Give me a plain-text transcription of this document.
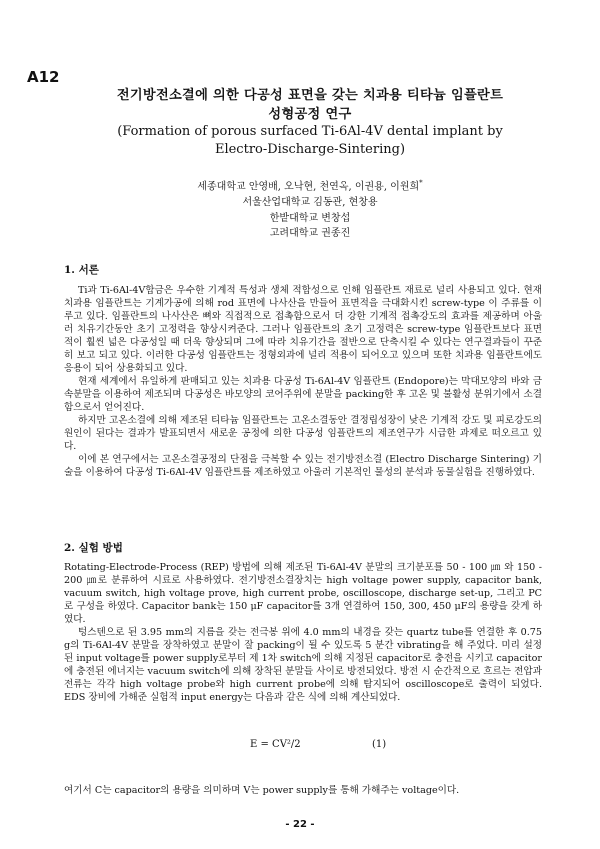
A12
전기방전소결에 의한 다공성 표면을 갖는 치과용 티타늄 임플란트
성형공정 연구
(Formation of porous surfaced Ti-6Al-4V dental implant by
Electro-Discharge-Sintering)
세종대학교 안영배, 오낙현, 천연옥, 이권용, 이원희*
서울산업대학교 김동관, 현창용
한밭대학교 변창섭
고려대학교 권종진
1. 서론

Ti과 Ti-6Al-4V합금은 우수한 기계적 특성과 생체 적합성으로 인해 임플란트 재료로 널리 사용되고 있다. 현재 치과용 임플란트는 기계가공에 의해 rod 표면에 나사산을 만들어 표면적을 극대화시킨 screw-type 이 주류를 이루고 있다. 임플란트의 나사산은 뼈와 직접적으로 접촉함으로서 더 강한 기계적 접촉강도의 효과를 제공하며 아울러 치유기간동안 초기 고정력을 향상시켜준다. 그러나 임플란트의 초기 고정력은 screw-type 임플란트보다 표면적이 훨씬 넓은 다공성일 때 더욱 향상되며 그에 따라 치유기간을 절반으로 단축시킬 수 있다는 연구결과들이 꾸준히 보고 되고 있다. 이러한 다공성 임플란트는 정형외과에 널리 적용이 되어오고 있으며 또한 치과용 임플란트에도 응용이 되어 상용화되고 있다.

현재 세계에서 유일하게 판매되고 있는 치과용 다공성 Ti-6Al-4V 임플란트 (Endopore)는 막대모양의 바와 금속분말을 이용하여 제조되며 다공성은 바모양의 코어주위에 분말을 packing한 후 고온 및 불활성 분위기에서 소결함으로서 얻어진다.

하지만 고온소결에 의해 제조된 티타늄 임플란트는 고온소결동안 결정립성장이 낮은 기계적 강도 및 피로강도의 원인이 된다는 결과가 발표되면서 새로운 공정에 의한 다공성 임플란트의 제조연구가 시급한 과제로 떠오르고 있다.

이에 본 연구에서는 고온소결공정의 단점을 극복할 수 있는 전기방전소결 (Electro Discharge Sintering) 기술을 이용하여 다공성 Ti-6Al-4V 임플란트를 제조하였고 아울러 기본적인 물성의 분석과 동물실험을 진행하였다.

2. 실험 방법

Rotating-Electrode-Process (REP) 방법에 의해 제조된 Ti-6Al-4V 분말의 크기분포를 50 - 100 ㎛ 와 150 - 200 ㎛로 분류하여 시료로 사용하였다. 전기방전소결장치는 high voltage power supply, capacitor bank, vacuum switch, high voltage prove, high current probe, oscilloscope, discharge set-up, 그리고 PC로 구성을 하였다. Capacitor bank는 150 μF capacitor를 3개 연결하여 150, 300, 450 μF의 용량을 갖게 하였다.

텅스텐으로 된 3.95 mm의 지름을 갖는 전극봉 위에 4.0 mm의 내경을 갖는 quartz tube를 연결한 후 0.75 g의 Ti-6Al-4V 분말을 장착하였고 분말이 잘 packing이 될 수 있도록 5 분간 vibrating을 해 주었다. 미리 설정된 input voltage를 power supply로부터 제 1차 switch에 의해 지정된 capacitor로 충전을 시키고 capacitor에 충전된 에너지는 vacuum switch에 의해 장착된 분말들 사이로 방전되었다. 방전 시 순간적으로 흐르는 전압과 전류는 각각 high voltage probe와 high current probe에 의해 탐지되어 oscilloscope로 출력이 되었다. EDS 장비에 가해준 실험적 input energy는 다음과 같은 식에 의해 계산되었다.

E = CV²/2	(1)

여기서 C는 capacitor의 용량을 의미하며 V는 power supply를 통해 가해주는 voltage이다.

- 22 -
